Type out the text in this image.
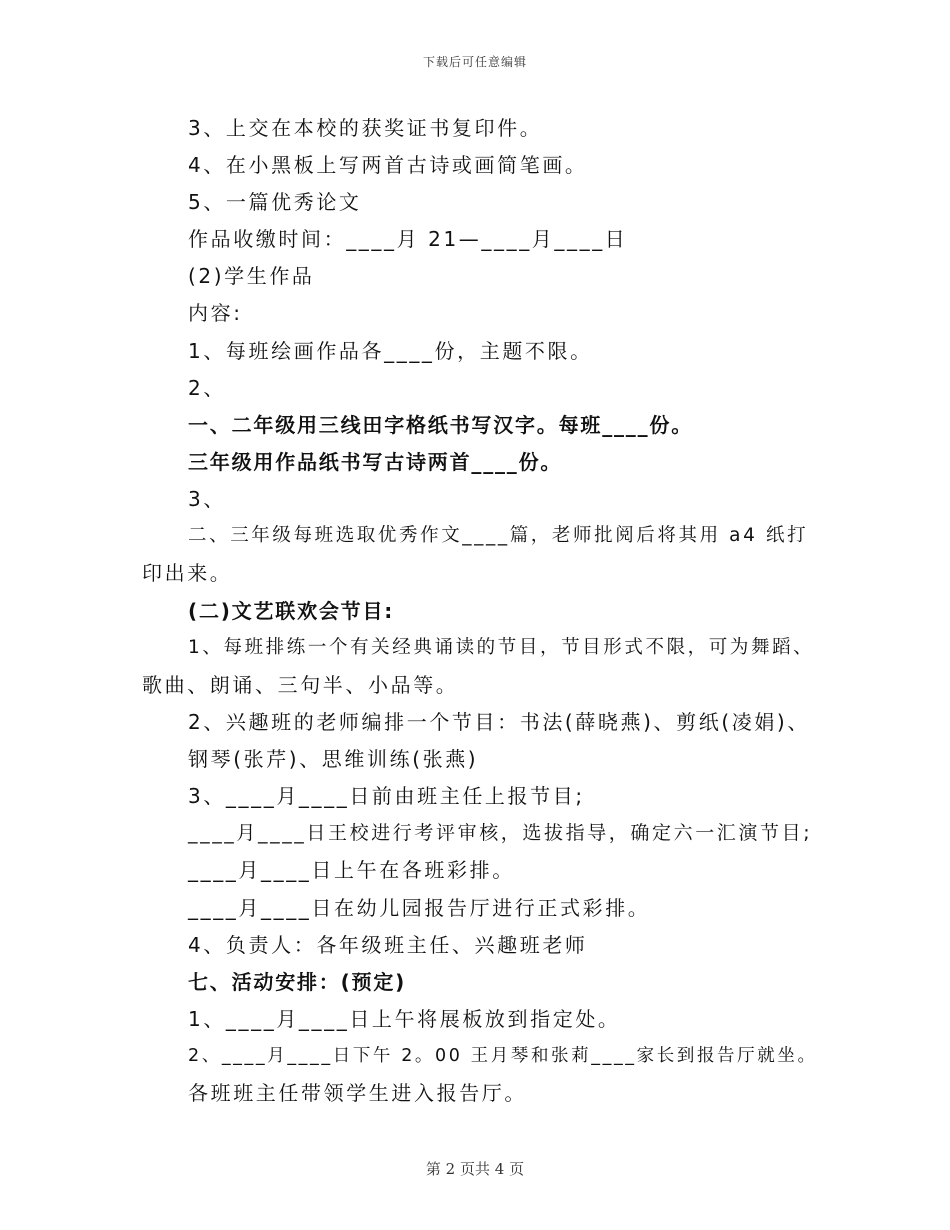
下载后可任意编辑
3、上交在本校的获奖证书复印件。
4、在小黑板上写两首古诗或画简笔画。
5、一篇优秀论文
作品收缴时间：____月 21—____月____日
(2)学生作品
内容:
1、每班绘画作品各____份，主题不限。
2、
一、二年级用三线田字格纸书写汉字。每班____份。
三年级用作品纸书写古诗两首____份。
3、
二、三年级每班选取优秀作文____篇，老师批阅后将其用 a4 纸打
印出来。
(二)文艺联欢会节目:
1、每班排练一个有关经典诵读的节目，节目形式不限，可为舞蹈、
歌曲、朗诵、三句半、小品等。
2、兴趣班的老师编排一个节目：书法(薛晓燕)、剪纸(凌娟)、
钢琴(张芹)、思维训练(张燕)
3、____月____日前由班主任上报节目;
____月____日王校进行考评审核，选拔指导，确定六一汇演节目;
____月____日上午在各班彩排。
____月____日在幼儿园报告厅进行正式彩排。
4、负责人：各年级班主任、兴趣班老师
七、活动安排：(预定)
1、____月____日上午将展板放到指定处。
2、____月____日下午 2。00 王月琴和张莉____家长到报告厅就坐。
各班班主任带领学生进入报告厅。
第 2 页共 4 页
